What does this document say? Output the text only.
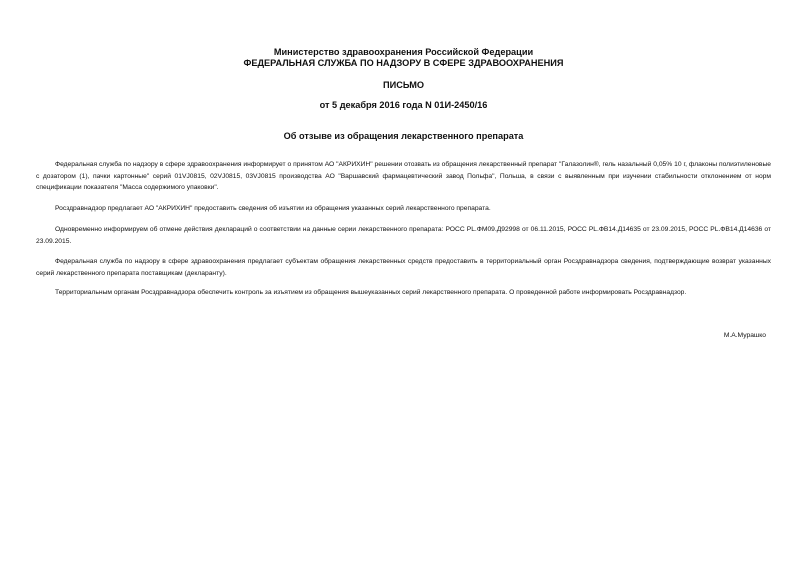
Министерство здравоохранения Российской Федерации
ФЕДЕРАЛЬНАЯ СЛУЖБА ПО НАДЗОРУ В СФЕРЕ ЗДРАВООХРАНЕНИЯ
ПИСЬМО
от 5 декабря 2016 года N 01И-2450/16
Об отзыве из обращения лекарственного препарата
Федеральная служба по надзору в сфере здравоохранения информирует о принятом АО "АКРИХИН" решении отозвать из обращения лекарственный препарат "Галазолин®, гель назальный 0,05% 10 г, флаконы полиэтиленовые с дозатором (1), пачки картонные" серий 01VJ0815, 02VJ0815, 03VJ0815 производства АО "Варшавский фармацевтический завод Польфа", Польша, в связи с выявленным при изучении стабильности отклонением от норм спецификации показателя "Масса содержимого упаковки".
Росздравнадзор предлагает АО "АКРИХИН" предоставить сведения об изъятии из обращения указанных серий лекарственного препарата.
Одновременно информируем об отмене действия деклараций о соответствии на данные серии лекарственного препарата: РОСС PL.ФМ09.Д92998 от 06.11.2015, РОСС PL.ФВ14.Д14635 от 23.09.2015, РОСС PL.ФВ14.Д14636 от 23.09.2015.
Федеральная служба по надзору в сфере здравоохранения предлагает субъектам обращения лекарственных средств предоставить в территориальный орган Росздравнадзора сведения, подтверждающие возврат указанных серий лекарственного препарата поставщикам (декларанту).
Территориальным органам Росздравнадзора обеспечить контроль за изъятием из обращения вышеуказанных серий лекарственного препарата. О проведенной работе информировать Росздравнадзор.
М.А.Мурашко
